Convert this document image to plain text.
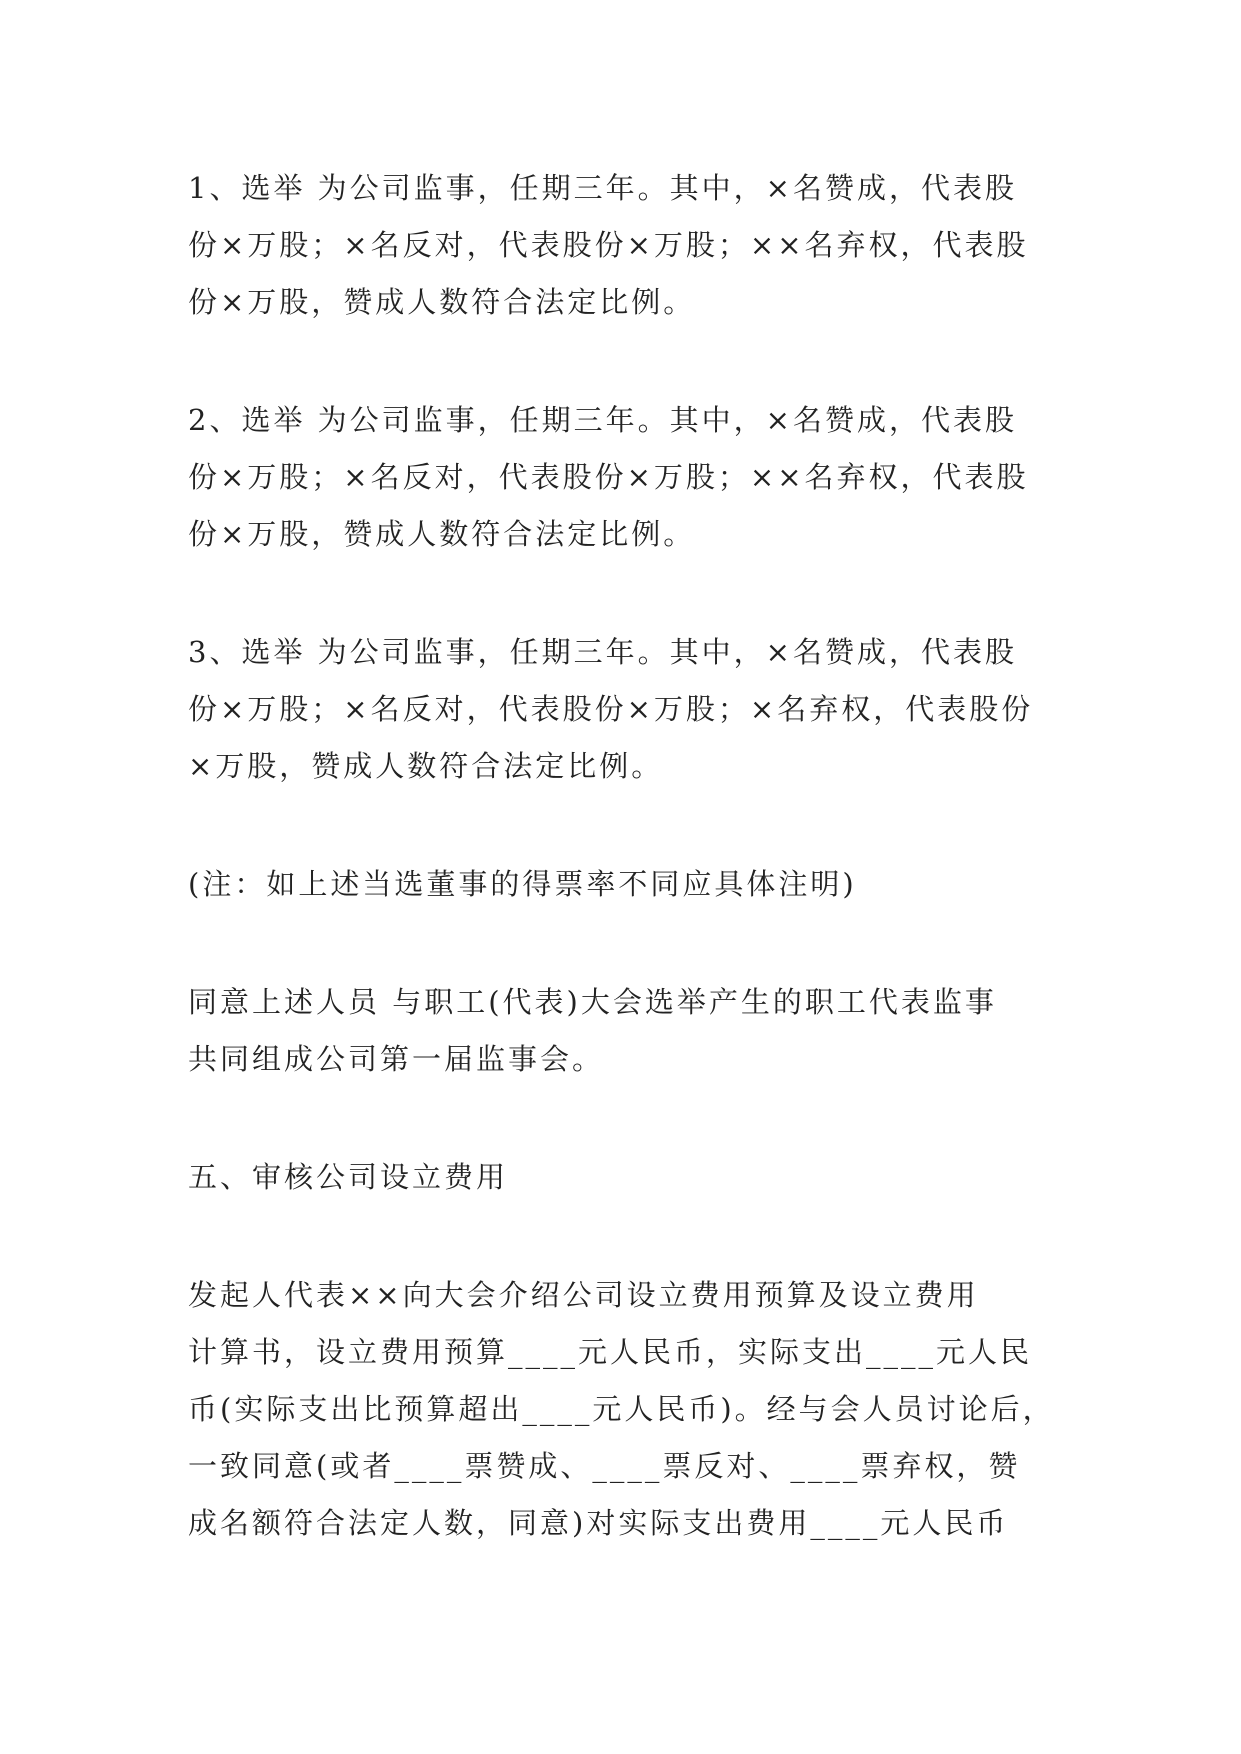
1、选举 为公司监事，任期三年。其中，×名赞成，代表股
份×万股；×名反对，代表股份×万股；××名弃权，代表股
份×万股，赞成人数符合法定比例。
2、选举 为公司监事，任期三年。其中，×名赞成，代表股
份×万股；×名反对，代表股份×万股；××名弃权，代表股
份×万股，赞成人数符合法定比例。
3、选举 为公司监事，任期三年。其中，×名赞成，代表股
份×万股；×名反对，代表股份×万股；×名弃权，代表股份
×万股，赞成人数符合法定比例。
(注：如上述当选董事的得票率不同应具体注明)
同意上述人员 与职工(代表)大会选举产生的职工代表监事
共同组成公司第一届监事会。
五、审核公司设立费用
发起人代表××向大会介绍公司设立费用预算及设立费用
计算书，设立费用预算____元人民币，实际支出____元人民
币(实际支出比预算超出____元人民币)。经与会人员讨论后，
一致同意(或者____票赞成、____票反对、____票弃权，赞
成名额符合法定人数，同意)对实际支出费用____元人民币
